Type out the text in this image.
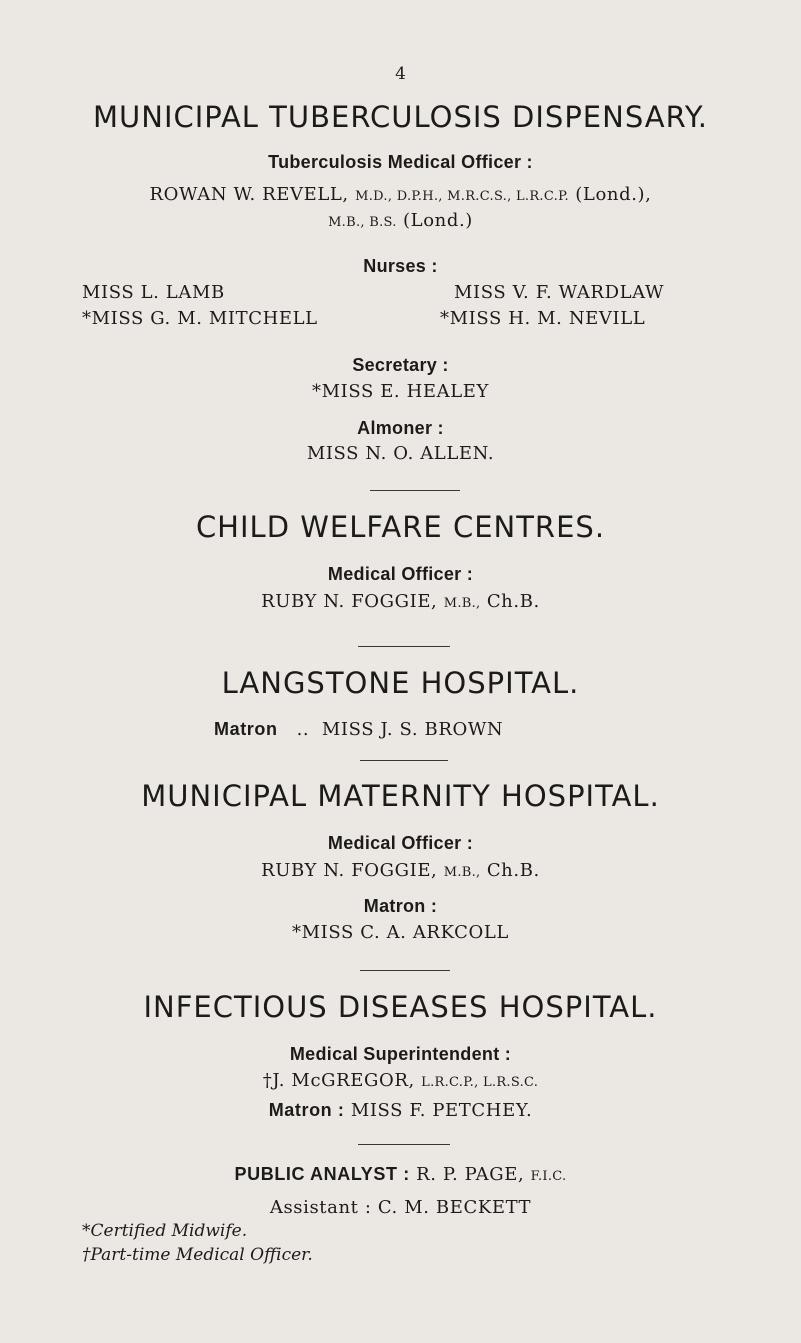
4
MUNICIPAL TUBERCULOSIS DISPENSARY.
Tuberculosis Medical Officer :
ROWAN W. REVELL, M.D., D.P.H., M.R.C.S., L.R.C.P. (Lond.),
M.B., B.S. (Lond.)
Nurses :
MISS L. LAMB	MISS V. F. WARDLAW
*MISS G. M. MITCHELL	*MISS H. M. NEVILL
Secretary :
*MISS E. HEALEY
Almoner :
MISS N. O. ALLEN.
CHILD WELFARE CENTRES.
Medical Officer :
RUBY N. FOGGIE, M.B., Ch.B.
LANGSTONE HOSPITAL.
Matron .. MISS J. S. BROWN
MUNICIPAL MATERNITY HOSPITAL.
Medical Officer :
RUBY N. FOGGIE, M.B., Ch.B.
Matron :
*MISS C. A. ARKCOLL
INFECTIOUS DISEASES HOSPITAL.
Medical Superintendent :
†J. McGREGOR, L.R.C.P., L.R.S.C.
Matron : MISS F. PETCHEY.
PUBLIC ANALYST : R. P. PAGE, F.I.C.
Assistant : C. M. BECKETT
*Certified Midwife.
†Part-time Medical Officer.
